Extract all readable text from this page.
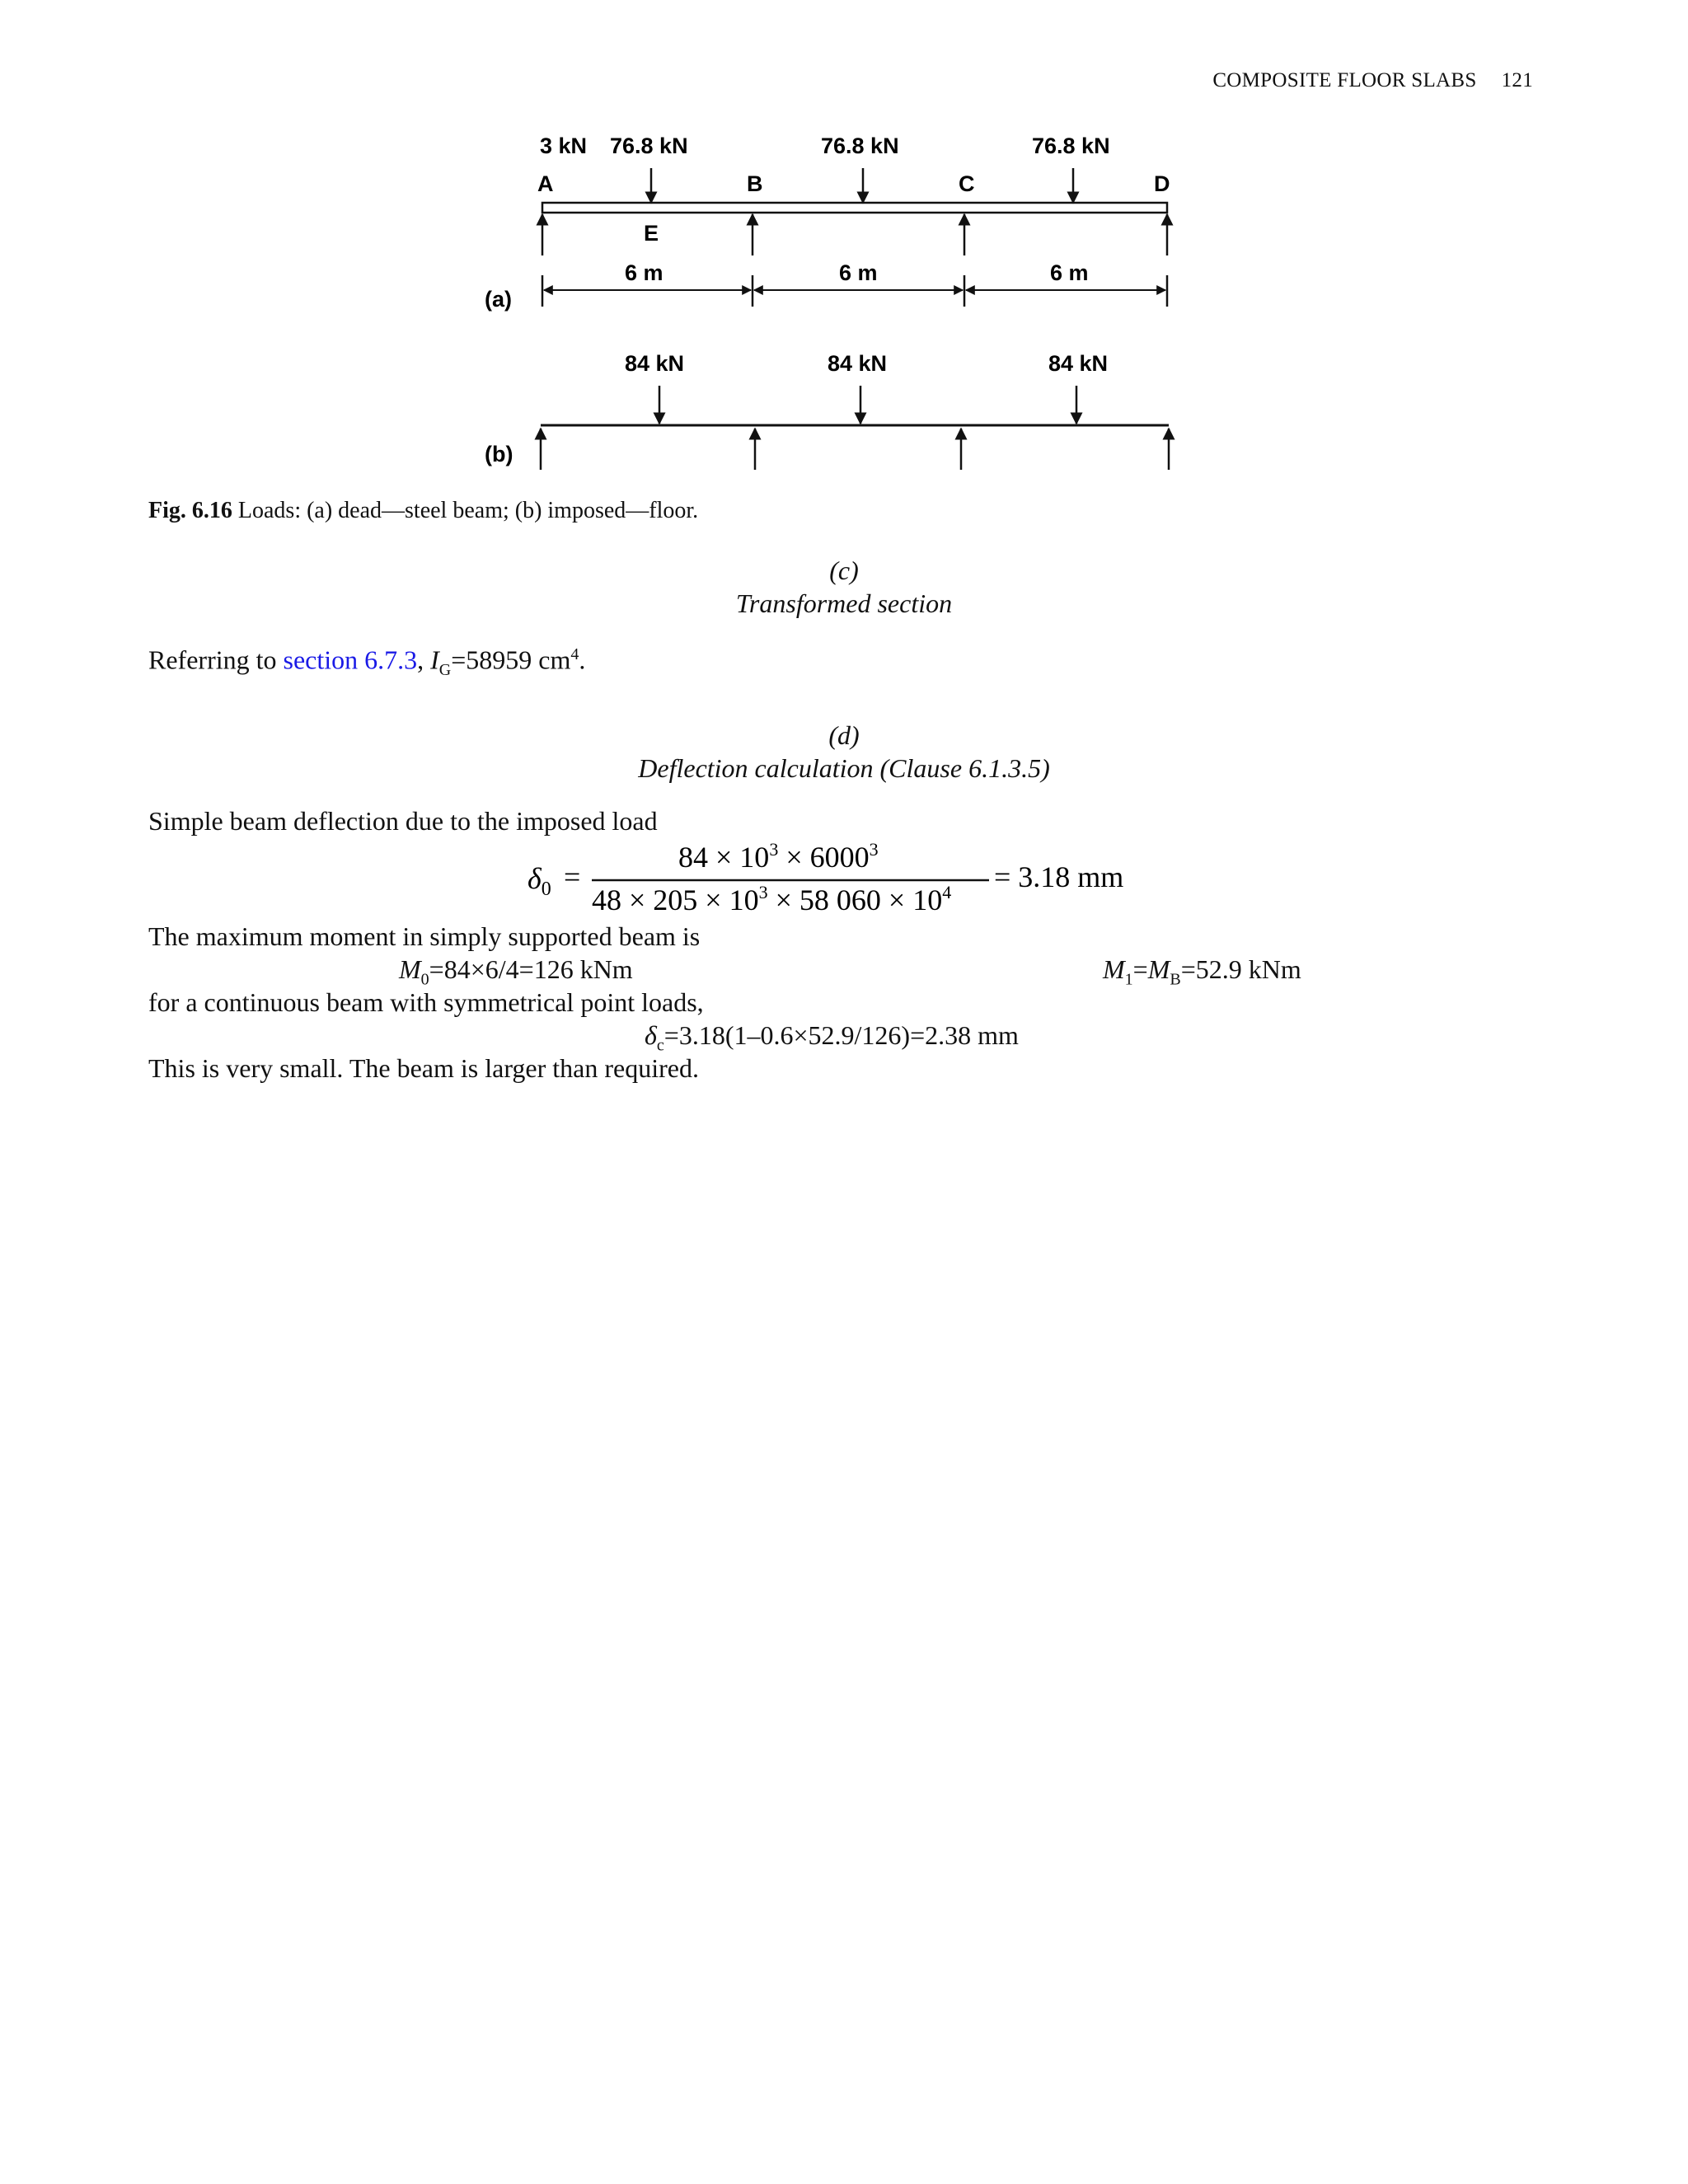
COMPOSITE FLOOR SLABS 121
3 kN 76.8 kN	76.8 kN	76.8 kN
A	B	C	D
E
6 m	6 m	6 m
(a)
84 kN	84 kN	84 kN
(b)
Fig. 6.16 Loads: (a) dead—steel beam; (b) imposed—floor.
(c)
Transformed section
Referring to section 6.7.3, $I_G=58959$ $cm^4$.
(d)
Deflection calculation (Clause 6.1.3.5)
Simple beam deflection due to the imposed load
$\delta_0$ =
$84 \times 10^3 \times 6000^3$
$48 \times 205 \times 10^3 \times 58$ $060 \times 10^4 = 3.18$ mm
The maximum moment in simply supported beam is
$M_0=84\times 6/4=126$ kNm	$M_1=M_B=52.9$ kNm
for a continuous beam with symmetrical point loads,
$\delta_c=3.18(1-0.6\times 52.9/126)=2.38$ mm
This is very small. The beam is larger than required.
